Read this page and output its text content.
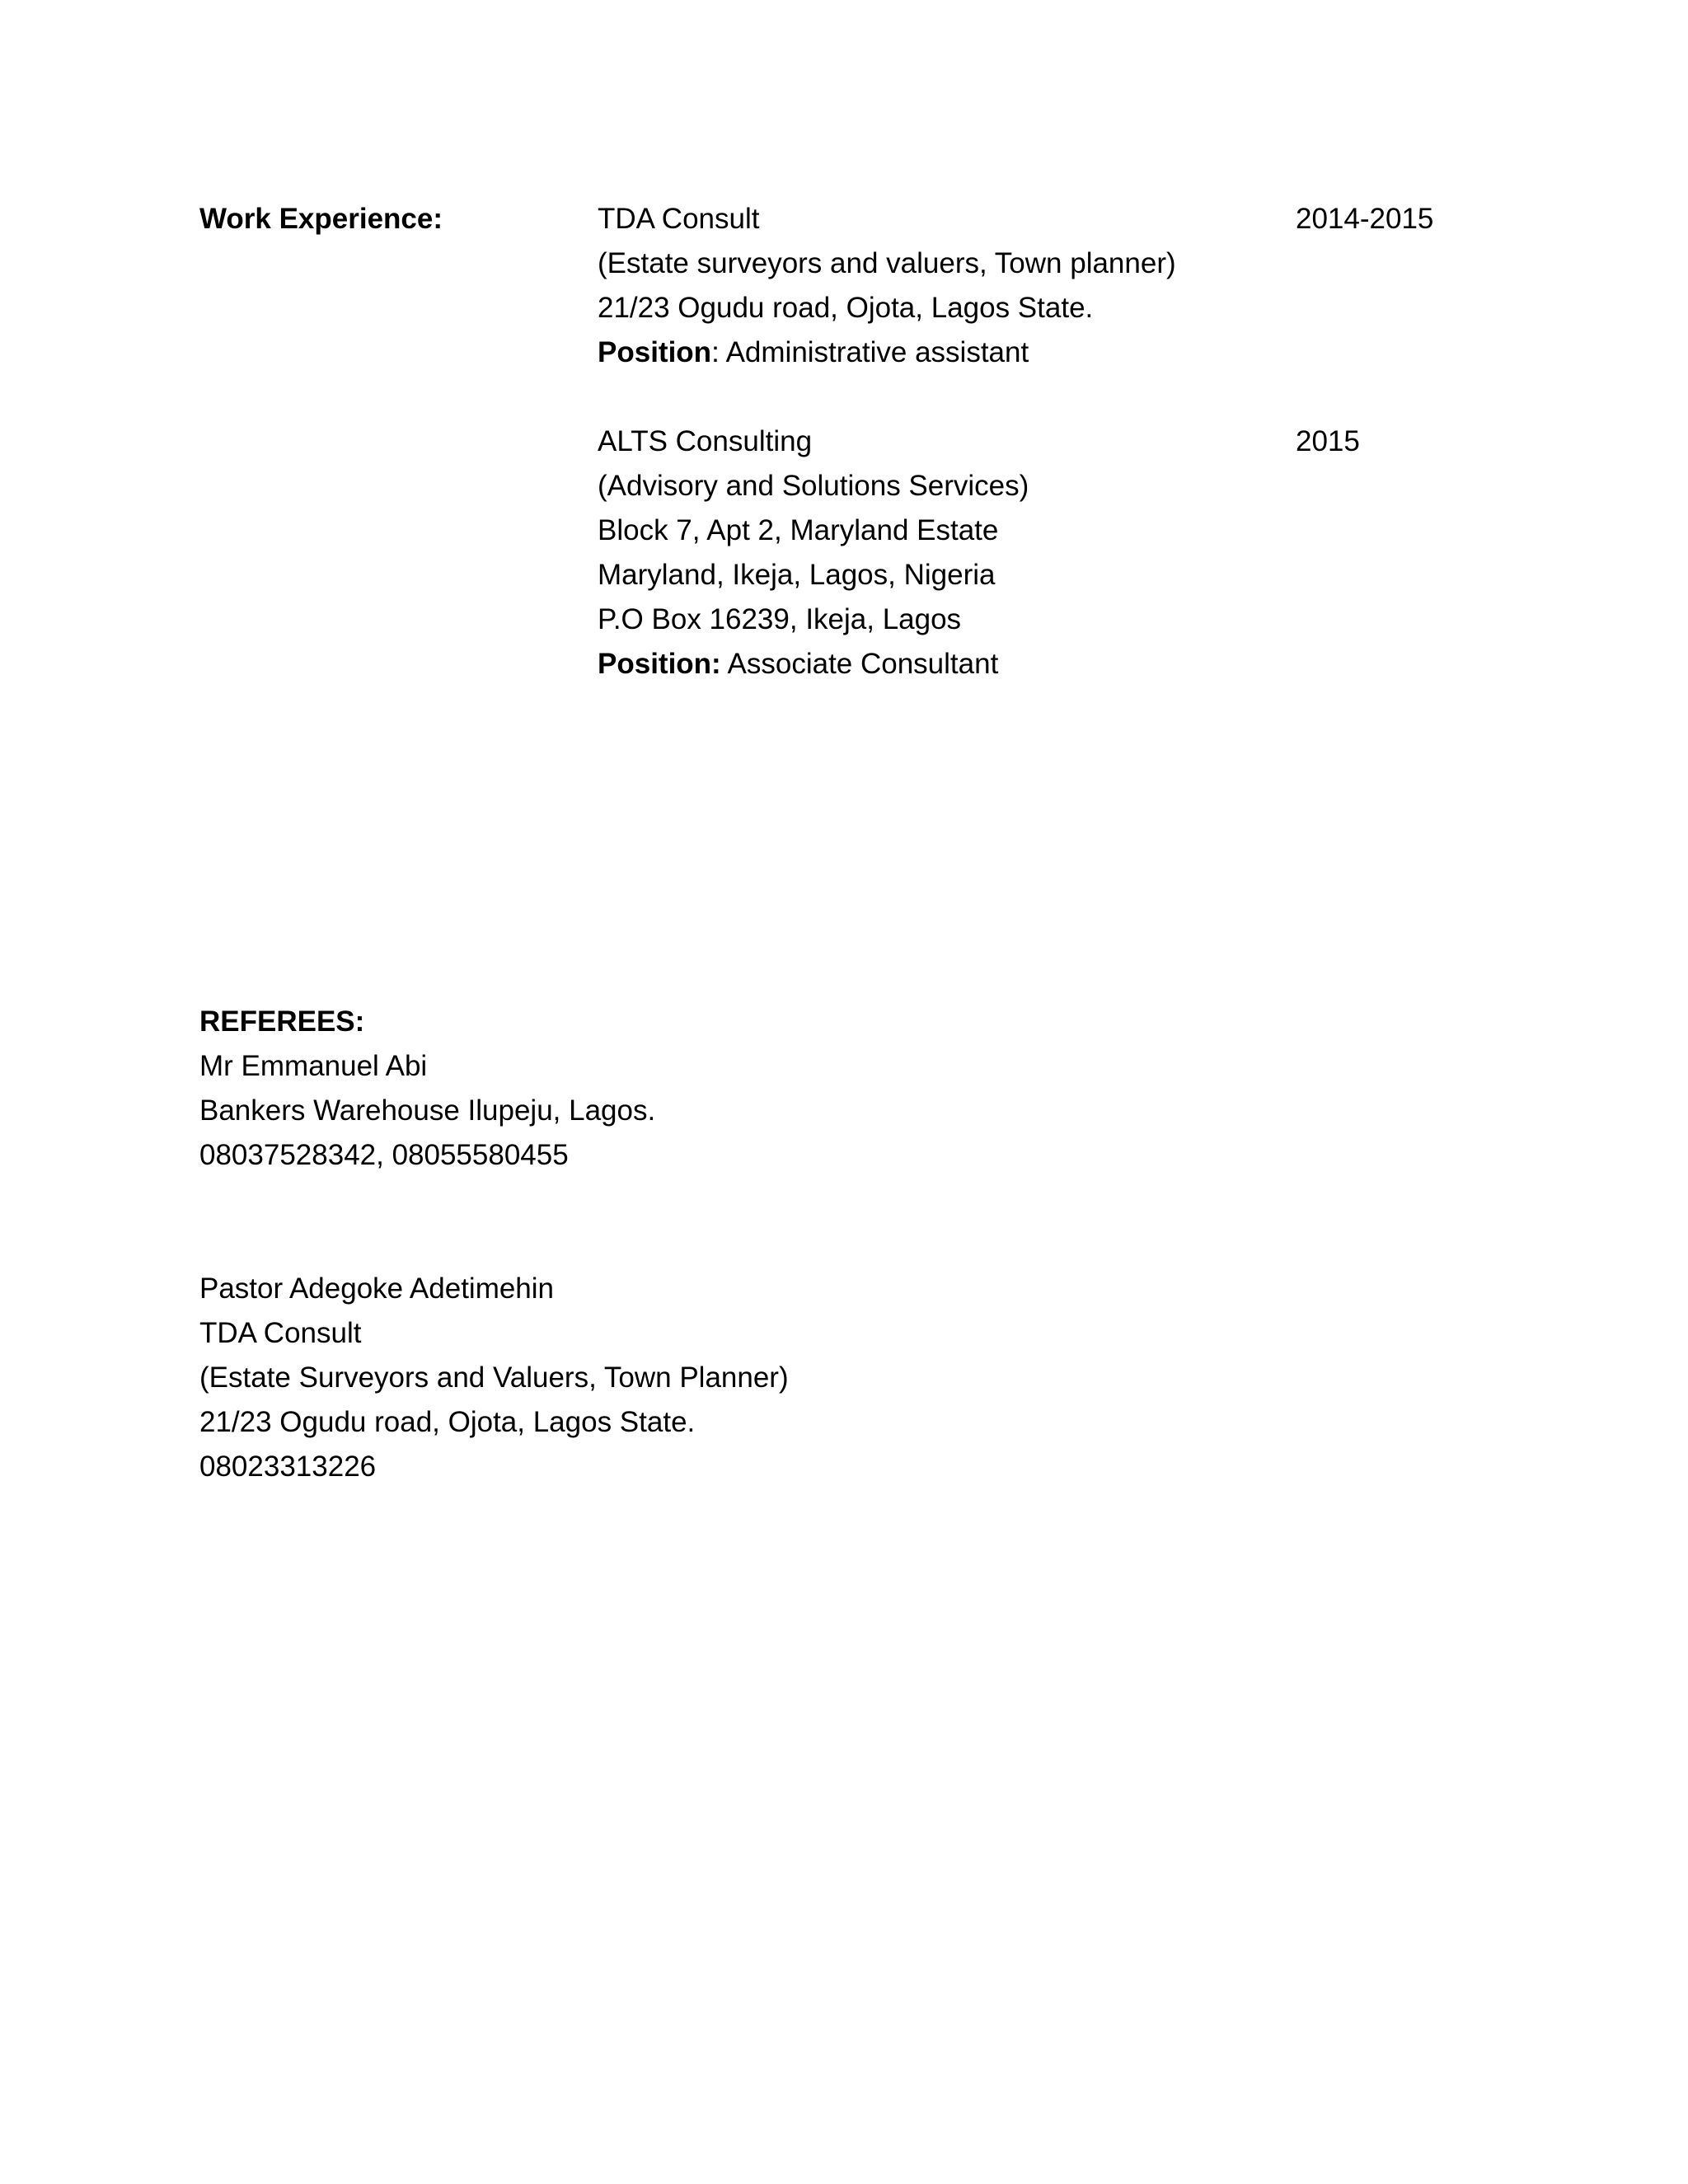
Work Experience:	TDA Consult	2014-2015
(Estate surveyors and valuers, Town planner)
21/23 Ogudu road, Ojota, Lagos State.
Position: Administrative assistant
ALTS Consulting	2015
(Advisory and Solutions Services)
Block 7, Apt 2, Maryland Estate
Maryland, Ikeja, Lagos, Nigeria
P.O Box 16239, Ikeja, Lagos
Position: Associate Consultant
REFEREES:
Mr Emmanuel Abi
Bankers Warehouse Ilupeju, Lagos.
08037528342, 08055580455
Pastor Adegoke Adetimehin
TDA Consult
(Estate Surveyors and Valuers, Town Planner)
21/23 Ogudu road, Ojota, Lagos State.
08023313226
